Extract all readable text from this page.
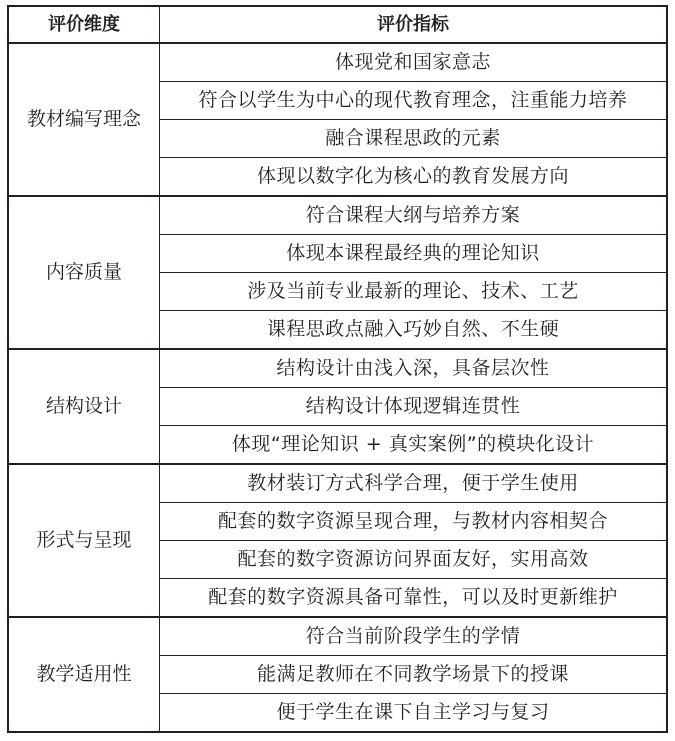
评价维度	评价指标
教材编写理念	体现党和国家意志
	符合以学生为中心的现代教育理念，注重能力培养
	融合课程思政的元素
	体现以数字化为核心的教育发展方向
内容质量	符合课程大纲与培养方案
	体现本课程最经典的理论知识
	涉及当前专业最新的理论、技术、工艺
	课程思政点融入巧妙自然、不生硬
结构设计	结构设计由浅入深，具备层次性
	结构设计体现逻辑连贯性
	体现“理论知识 + 真实案例”的模块化设计
形式与呈现	教材装订方式科学合理，便于学生使用
	配套的数字资源呈现合理，与教材内容相契合
	配套的数字资源访问界面友好，实用高效
	配套的数字资源具备可靠性，可以及时更新维护
教学适用性	符合当前阶段学生的学情
	能满足教师在不同教学场景下的授课
	便于学生在课下自主学习与复习
